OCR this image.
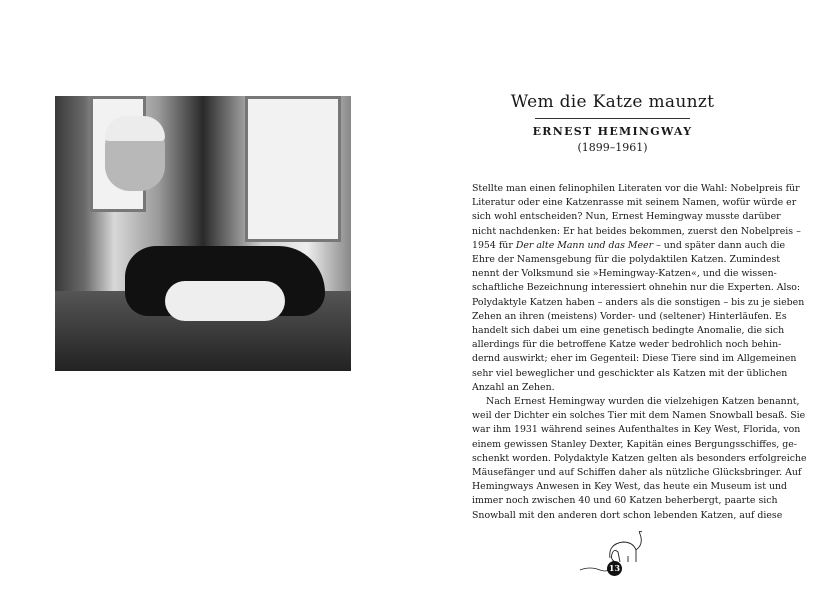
Wem die Katze maunzt
ERNEST HEMINGWAY
(1899–1961)
Stellte man einen felinophilen Literaten vor die Wahl: Nobelpreis für
Literatur oder eine Katzenrasse mit seinem Namen, wofür würde er
sich wohl entscheiden? Nun, Ernest Hemingway musste darüber
nicht nachdenken: Er hat beides bekommen, zuerst den Nobelpreis –
1954 für Der alte Mann und das Meer – und später dann auch die
Ehre der Namensgebung für die polydaktilen Katzen. Zumindest
nennt der Volksmund sie »Hemingway-Katzen«, und die wissen-
schaftliche Bezeichnung interessiert ohnehin nur die Experten. Also:
Polydaktyle Katzen haben – anders als die sonstigen – bis zu je sieben
Zehen an ihren (meistens) Vorder- und (seltener) Hinterläufen. Es
handelt sich dabei um eine genetisch bedingte Anomalie, die sich
allerdings für die betroffene Katze weder bedrohlich noch behin-
dernd auswirkt; eher im Gegenteil: Diese Tiere sind im Allgemeinen
sehr viel beweglicher und geschickter als Katzen mit der üblichen
Anzahl an Zehen.
Nach Ernest Hemingway wurden die vielzehigen Katzen benannt,
weil der Dichter ein solches Tier mit dem Namen Snowball besaß. Sie
war ihm 1931 während seines Aufenthaltes in Key West, Florida, von
einem gewissen Stanley Dexter, Kapitän eines Bergungsschiffes, ge-
schenkt worden. Polydaktyle Katzen gelten als besonders erfolgreiche
Mäusefänger und auf Schiffen daher als nützliche Glücksbringer. Auf
Hemingways Anwesen in Key West, das heute ein Museum ist und
immer noch zwischen 40 und 60 Katzen beherbergt, paarte sich
Snowball mit den anderen dort schon lebenden Katzen, auf diese
13
